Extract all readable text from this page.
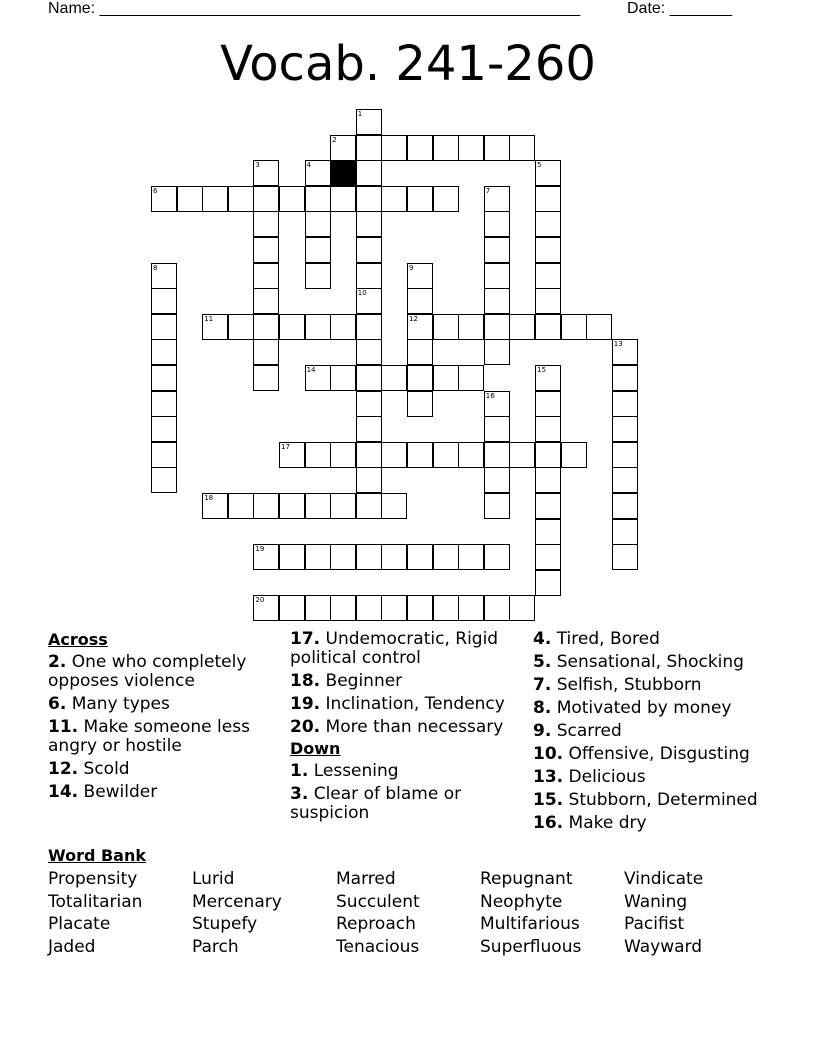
Name: ______________________________________________________	Date: _______
Vocab. 241-260
1
10
2
3	4	5
6	7
8	9
12
11
13
14	15
16
17
18
19
20
Across
2. One who completely opposes violence
6. Many types
11. Make someone less angry or hostile
12. Scold
14. Bewilder
17. Undemocratic, Rigid political control
18. Beginner
19. Inclination, Tendency
20. More than necessary
Down
1. Lessening
3. Clear of blame or suspicion
4. Tired, Bored
5. Sensational, Shocking
7. Selfish, Stubborn
8. Motivated by money
9. Scarred
10. Offensive, Disgusting
13. Delicious
15. Stubborn, Determined
16. Make dry
Word Bank
Propensity
Totalitarian
Placate
Jaded
Lurid
Mercenary
Stupefy
Parch
Marred
Succulent
Reproach
Tenacious
Repugnant
Neophyte
Multifarious
Superfluous
Vindicate
Waning
Pacifist
Wayward
